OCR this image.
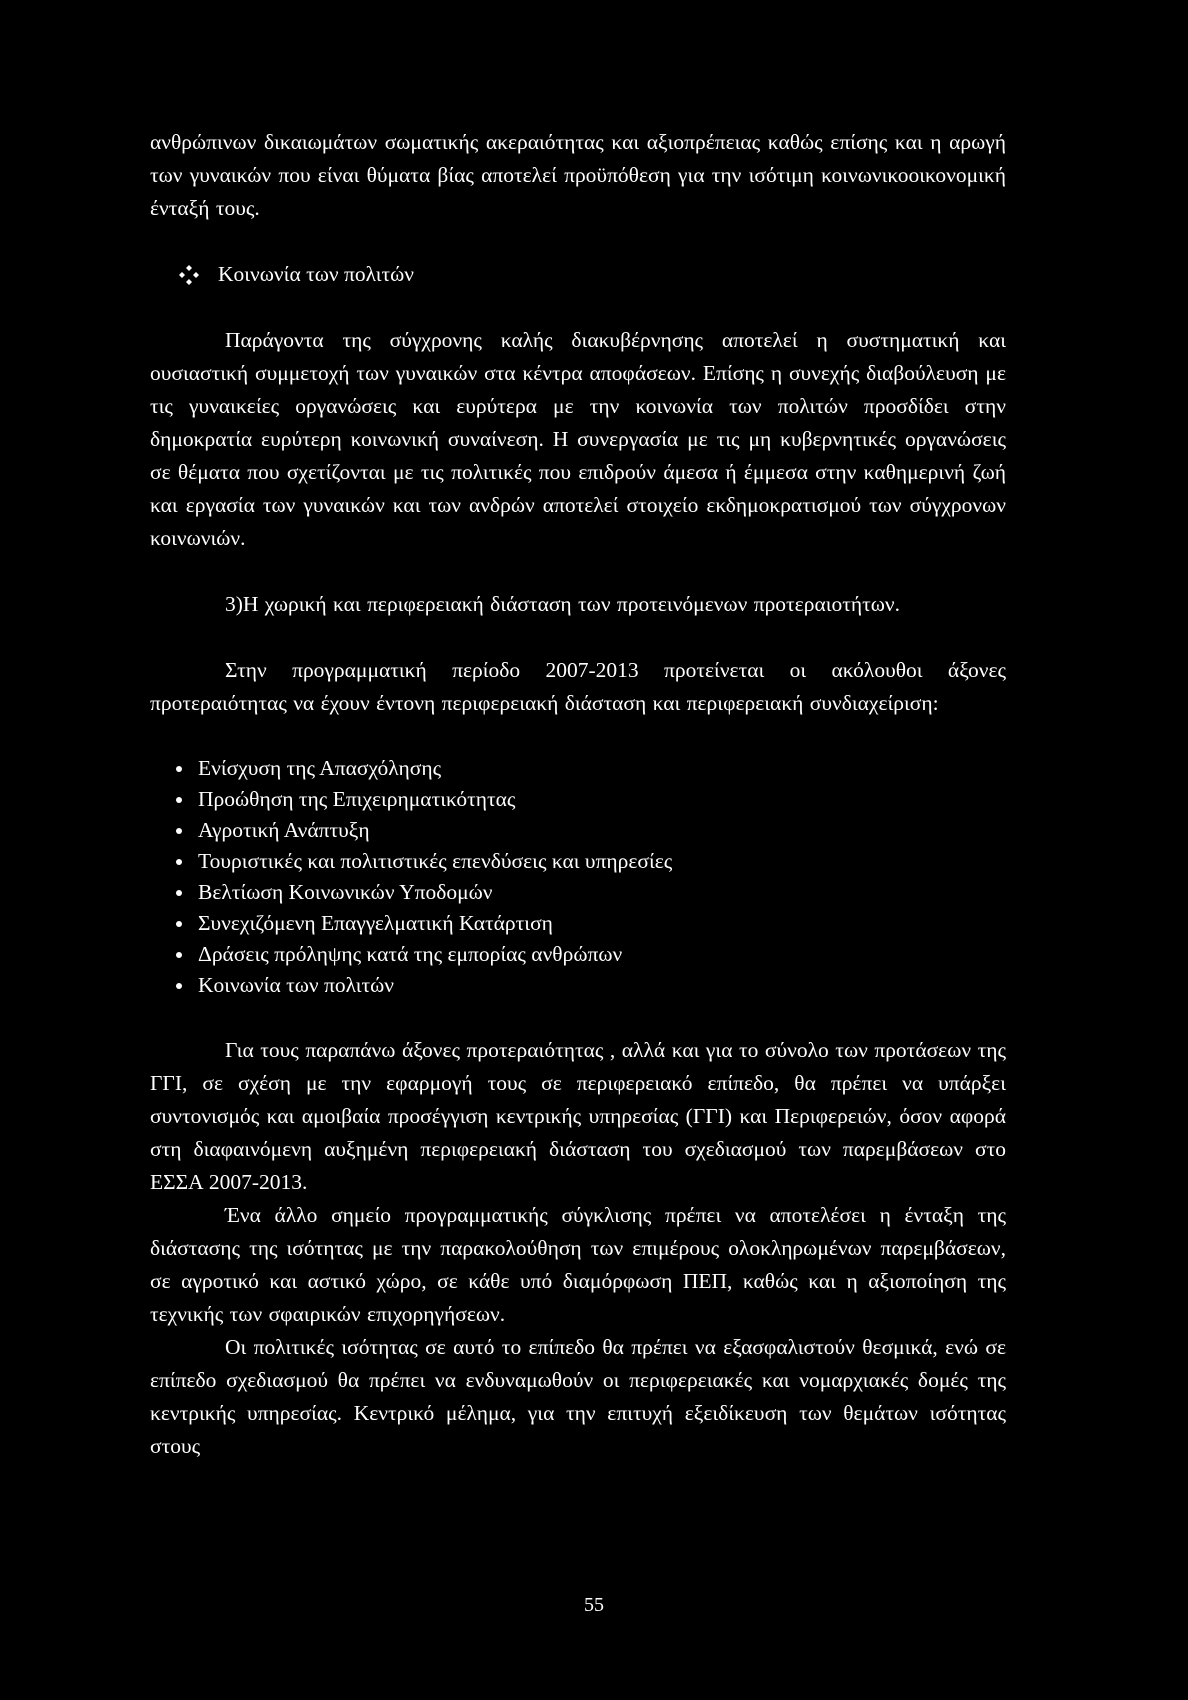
ανθρώπινων δικαιωμάτων σωματικής ακεραιότητας και αξιοπρέπειας καθώς επίσης και η αρωγή των γυναικών που είναι θύματα βίας αποτελεί προϋπόθεση για την ισότιμη κοινωνικοοικονομική ένταξή τους.

Κοινωνία των πολιτών

Παράγοντα της σύγχρονης καλής διακυβέρνησης αποτελεί η συστηματική και ουσιαστική συμμετοχή των γυναικών στα κέντρα αποφάσεων. Επίσης η συνεχής διαβούλευση με τις γυναικείες οργανώσεις και ευρύτερα με την κοινωνία των πολιτών προσδίδει στην δημοκρατία ευρύτερη κοινωνική συναίνεση. Η συνεργασία με τις μη κυβερνητικές οργανώσεις σε θέματα που σχετίζονται με τις πολιτικές που επιδρούν άμεσα ή έμμεσα στην καθημερινή ζωή και εργασία των γυναικών και των ανδρών αποτελεί στοιχείο εκδημοκρατισμού των σύγχρονων κοινωνιών.

3)Η χωρική και περιφερειακή διάσταση των προτεινόμενων προτεραιοτήτων.

Στην προγραμματική περίοδο 2007-2013 προτείνεται οι ακόλουθοι άξονες προτεραιότητας να έχουν έντονη περιφερειακή διάσταση και περιφερειακή συνδιαχείριση:

Ενίσχυση της Απασχόλησης
Προώθηση της Επιχειρηματικότητας
Αγροτική Ανάπτυξη
Τουριστικές και πολιτιστικές επενδύσεις και υπηρεσίες
Βελτίωση Κοινωνικών Υποδομών
Συνεχιζόμενη Επαγγελματική Κατάρτιση
Δράσεις πρόληψης κατά της εμπορίας ανθρώπων
Κοινωνία των πολιτών

Για τους παραπάνω άξονες προτεραιότητας , αλλά και για το σύνολο των προτάσεων της ΓΓΙ, σε σχέση με την εφαρμογή τους σε περιφερειακό επίπεδο, θα πρέπει να υπάρξει συντονισμός και αμοιβαία προσέγγιση κεντρικής υπηρεσίας (ΓΓΙ) και Περιφερειών, όσον αφορά στη διαφαινόμενη αυξημένη περιφερειακή διάσταση του σχεδιασμού των παρεμβάσεων στο ΕΣΣΑ 2007-2013.

Ένα άλλο σημείο προγραμματικής σύγκλισης πρέπει να αποτελέσει η ένταξη της διάστασης της ισότητας με την παρακολούθηση των επιμέρους ολοκληρωμένων παρεμβάσεων, σε αγροτικό και αστικό χώρο, σε κάθε υπό διαμόρφωση ΠΕΠ, καθώς και η αξιοποίηση της τεχνικής των σφαιρικών επιχορηγήσεων.

Οι πολιτικές ισότητας σε αυτό το επίπεδο θα πρέπει να εξασφαλιστούν θεσμικά, ενώ σε επίπεδο σχεδιασμού θα πρέπει να ενδυναμωθούν οι περιφερειακές και νομαρχιακές δομές της κεντρικής υπηρεσίας. Κεντρικό μέλημα, για την επιτυχή εξειδίκευση των θεμάτων ισότητας στους

55
